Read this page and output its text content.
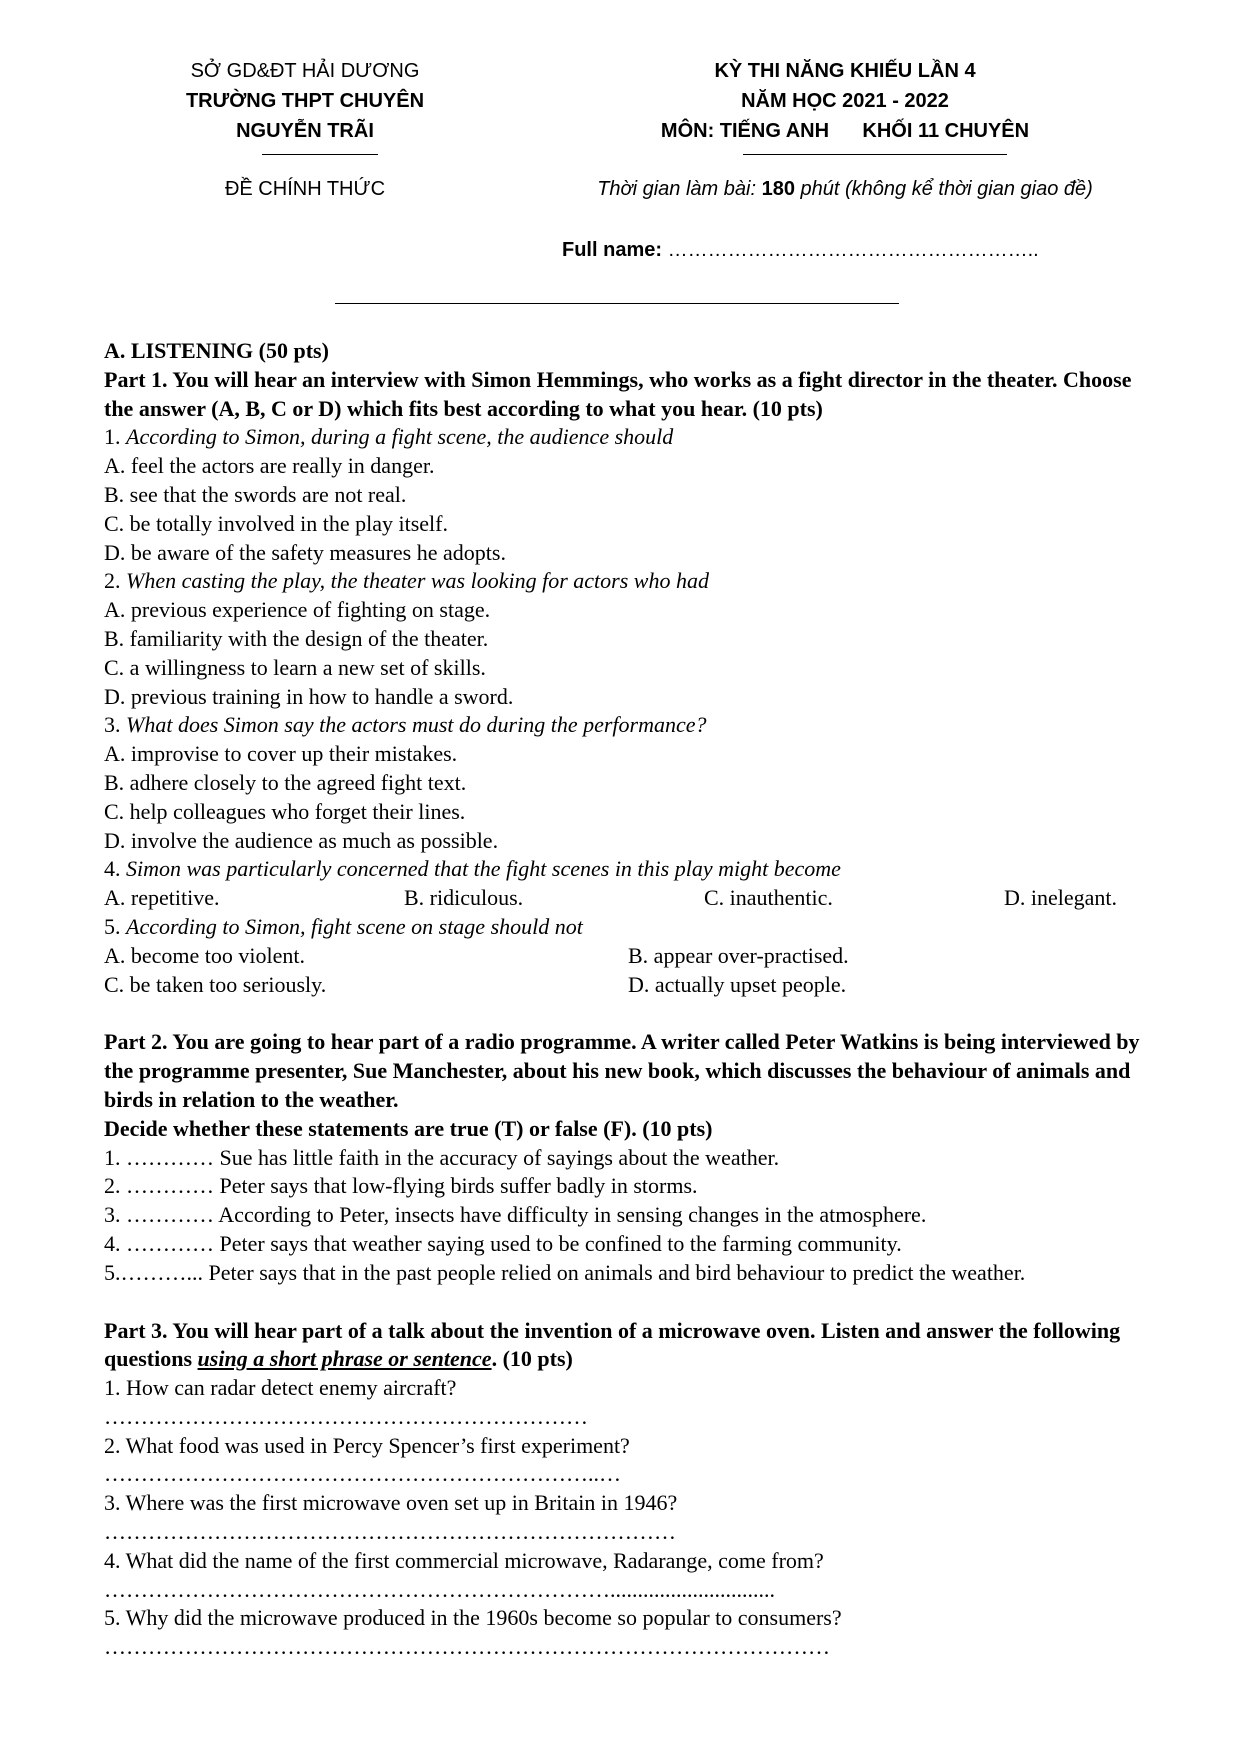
SỞ GD&ĐT HẢI DƯƠNG
TRƯỜNG THPT CHUYÊN
NGUYỄN TRÃI
KỲ THI NĂNG KHIẾU LẦN 4
NĂM HỌC 2021 - 2022
MÔN: TIẾNG ANH      KHỐI 11 CHUYÊN
ĐỀ CHÍNH THỨC	Thời gian làm bài: 180 phút (không kể thời gian giao đề)
Full name: ………………………………………………..

A. LISTENING (50 pts)

Part 1. You will hear an interview with Simon Hemmings, who works as a fight director in the theater. Choose the answer (A, B, C or D) which fits best according to what you hear. (10 pts)

1. According to Simon, during a fight scene, the audience should

A. feel the actors are really in danger.

B. see that the swords are not real.

C. be totally involved in the play itself.

D. be aware of the safety measures he adopts.

2. When casting the play, the theater was looking for actors who had

A. previous experience of fighting on stage.

B. familiarity with the design of the theater.

C. a willingness to learn a new set of skills.

D. previous training in how to handle a sword.

3. What does Simon say the actors must do during the performance?

A. improvise to cover up their mistakes.

B. adhere closely to the agreed fight text.

C. help colleagues who forget their lines.

D. involve the audience as much as possible.

4. Simon was particularly concerned that the fight scenes in this play might become

A. repetitive.	B. ridiculous.	C. inauthentic.	D. inelegant.

5. According to Simon, fight scene on stage should not

A. become too violent.	B. appear over-practised.
C. be taken too seriously.	D. actually upset people.

Part 2. You are going to hear part of a radio programme. A writer called Peter Watkins is being interviewed by the programme presenter, Sue Manchester, about his new book, which discusses the behaviour of animals and birds in relation to the weather.

Decide whether these statements are true (T) or false (F). (10 pts)

1. ………… Sue has little faith in the accuracy of sayings about the weather.

2. ………… Peter says that low-flying birds suffer badly in storms.

3. ………… According to Peter, insects have difficulty in sensing changes in the atmosphere.

4. ………… Peter says that weather saying used to be confined to the farming community.

5.………... Peter says that in the past people relied on animals and bird behaviour to predict the weather.

Part 3. You will hear part of a talk about the invention of a microwave oven. Listen and answer the following questions using a short phrase or sentence. (10 pts)

1. How can radar detect enemy aircraft?

…………………………………………………………

2. What food was used in Percy Spencer’s first experiment?

…………………………………………………………..…

3. Where was the first microwave oven set up in Britain in 1946?

……………………………………………………………………

4. What did the name of the first commercial microwave, Radarange, come from?

……………………………………………………………..............................

5. Why did the microwave produced in the 1960s become so popular to consumers?

………………………………………………………………………………………
